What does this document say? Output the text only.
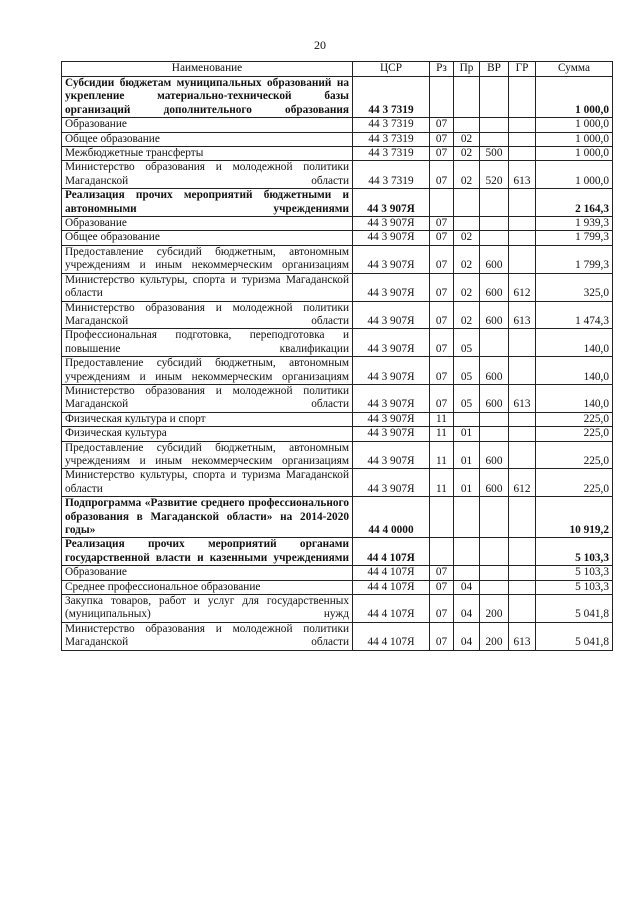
20
Наименование	ЦСР	Рз	Пр	ВР	ГР	Сумма
Субсидии бюджетам муниципальных образований на укрепление материально-технической базы организаций дополнительного образования	44 3 7319					1 000,0
Образование	44 3 7319	07				1 000,0
Общее образование	44 3 7319	07	02			1 000,0
Межбюджетные трансферты	44 3 7319	07	02	500		1 000,0
Министерство образования и молодежной политики Магаданской области	44 3 7319	07	02	520	613	1 000,0
Реализация прочих мероприятий бюджетными и автономными учреждениями	44 3 907Я					2 164,3
Образование	44 3 907Я	07				1 939,3
Общее образование	44 3 907Я	07	02			1 799,3
Предоставление субсидий бюджетным, автономным учреждениям и иным некоммерческим организациям	44 3 907Я	07	02	600		1 799,3
Министерство культуры, спорта и туризма Магаданской области	44 3 907Я	07	02	600	612	325,0
Министерство образования и молодежной политики Магаданской области	44 3 907Я	07	02	600	613	1 474,3
Профессиональная подготовка, переподготовка и повышение квалификации	44 3 907Я	07	05			140,0
Предоставление субсидий бюджетным, автономным учреждениям и иным некоммерческим организациям	44 3 907Я	07	05	600		140,0
Министерство образования и молодежной политики Магаданской области	44 3 907Я	07	05	600	613	140,0
Физическая культура и спорт	44 3 907Я	11				225,0
Физическая культура	44 3 907Я	11	01			225,0
Предоставление субсидий бюджетным, автономным учреждениям и иным некоммерческим организациям	44 3 907Я	11	01	600		225,0
Министерство культуры, спорта и туризма Магаданской области	44 3 907Я	11	01	600	612	225,0
Подпрограмма «Развитие среднего профессионального образования в Магаданской области» на 2014-2020 годы»	44 4 0000					10 919,2
Реализация прочих мероприятий органами государственной власти и казенными учреждениями	44 4 107Я					5 103,3
Образование	44 4 107Я	07				5 103,3
Среднее профессиональное образование	44 4 107Я	07	04			5 103,3
Закупка товаров, работ и услуг для государственных (муниципальных) нужд	44 4 107Я	07	04	200		5 041,8
Министерство образования и молодежной политики Магаданской области	44 4 107Я	07	04	200	613	5 041,8
